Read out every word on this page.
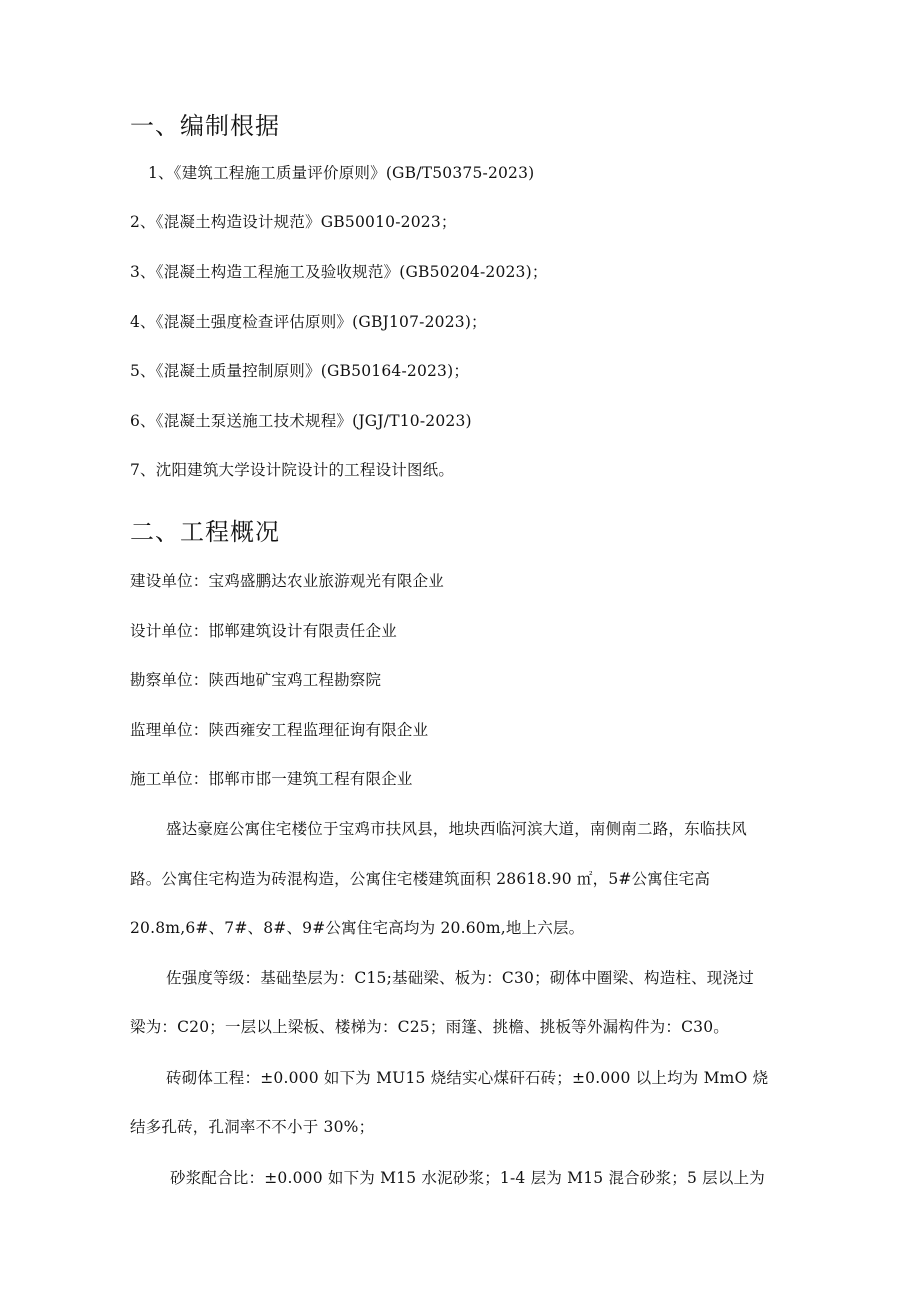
一、编制根据
1、《建筑工程施工质量评价原则》(GB/T50375-2023)
2、《混凝土构造设计规范》GB50010-2023；
3、《混凝土构造工程施工及验收规范》(GB50204-2023)；
4、《混凝土强度检查评估原则》(GBJ107-2023)；
5、《混凝土质量控制原则》(GB50164-2023)；
6、《混凝土泵送施工技术规程》(JGJ/T10-2023)
7、沈阳建筑大学设计院设计的工程设计图纸。
二、工程概况
建设单位：宝鸡盛鹏达农业旅游观光有限企业
设计单位：邯郸建筑设计有限责任企业
勘察单位：陕西地矿宝鸡工程勘察院
监理单位：陕西雍安工程监理征询有限企业
施工单位：邯郸市邯一建筑工程有限企业
盛达豪庭公寓住宅楼位于宝鸡市扶风县，地块西临河滨大道，南侧南二路，东临扶风
路。公寓住宅构造为砖混构造，公寓住宅楼建筑面积 28618.90 ㎡，5#公寓住宅高
20.8m,6#、7#、8#、9#公寓住宅高均为 20.60m,地上六层。
佐强度等级：基础垫层为：C15;基础梁、板为：C30；砌体中圈梁、构造柱、现浇过
梁为：C20；一层以上梁板、楼梯为：C25；雨篷、挑檐、挑板等外漏构件为：C30。
砖砌体工程：±0.000 如下为 MU15 烧结实心煤矸石砖；±0.000 以上均为 MmO 烧
结多孔砖，孔洞率不不小于 30%；
砂浆配合比：±0.000 如下为 M15 水泥砂浆；1-4 层为 M15 混合砂浆；5 层以上为
